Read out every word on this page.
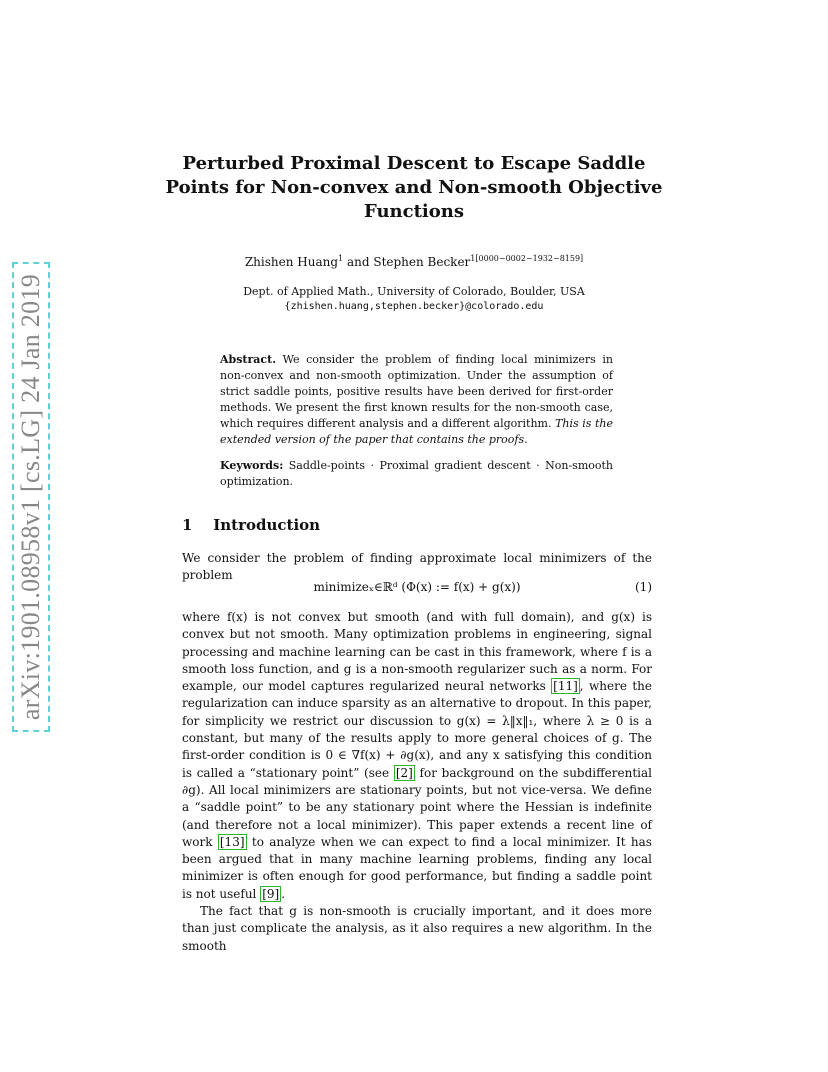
arXiv:1901.08958v1 [cs.LG] 24 Jan 2019
Perturbed Proximal Descent to Escape Saddle Points for Non-convex and Non-smooth Objective Functions
Zhishen Huang$^1$ and Stephen Becker$^{1[0000-0002-1932-8159]}$
Dept. of Applied Math., University of Colorado, Boulder, USA
{zhishen.huang,stephen.becker}@colorado.edu
Abstract. We consider the problem of finding local minimizers in non-convex and non-smooth optimization. Under the assumption of strict saddle points, positive results have been derived for first-order methods. We present the first known results for the non-smooth case, which requires different analysis and a different algorithm. This is the extended version of the paper that contains the proofs.
Keywords: Saddle-points · Proximal gradient descent · Non-smooth optimization.
1 Introduction
We consider the problem of finding approximate local minimizers of the problem
minimizeₓ∈ℝᵈ (Φ(x) := f(x) + g(x))	(1)

where f(x) is not convex but smooth (and with full domain), and g(x) is convex but not smooth. Many optimization problems in engineering, signal processing and machine learning can be cast in this framework, where f is a smooth loss function, and g is a non-smooth regularizer such as a norm. For example, our model captures regularized neural networks [11] , where the regularization can induce sparsity as an alternative to dropout. In this paper, for simplicity we restrict our discussion to g(x) = λ‖x‖₁, where λ ≥ 0 is a constant, but many of the results apply to more general choices of g. The first-order condition is 0 ∈ ∇f(x) + ∂g(x), and any x satisfying this condition is called a “stationary point” (see [2] for background on the subdifferential ∂g). All local minimizers are stationary points, but not vice-versa. We define a “saddle point” to be any stationary point where the Hessian is indefinite (and therefore not a local minimizer). This paper extends a recent line of work [13] to analyze when we can expect to find a local minimizer. It has been argued that in many machine learning problems, finding any local minimizer is often enough for good performance, but finding a saddle point is not useful [9] .

The fact that g is non-smooth is crucially important, and it does more than just complicate the analysis, as it also requires a new algorithm. In the smooth
